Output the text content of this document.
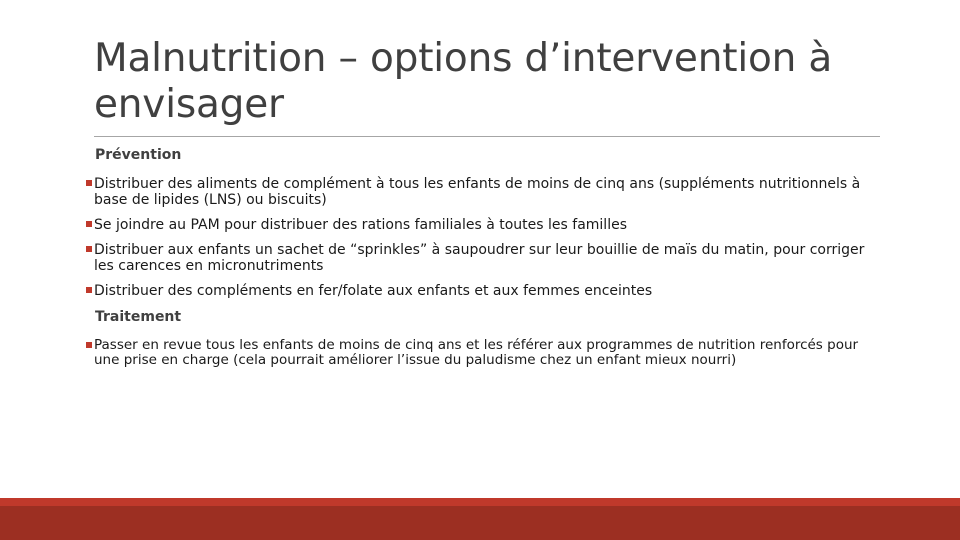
Malnutrition – options d’intervention à envisager
Prévention
Distribuer des aliments de complément à tous les enfants de moins de cinq ans (suppléments nutritionnels à base de lipides (LNS) ou biscuits)
Se joindre au PAM pour distribuer des rations familiales à toutes les familles
Distribuer aux enfants un sachet de “sprinkles” à saupoudrer sur leur bouillie de maïs du matin, pour corriger les carences en micronutriments
Distribuer des compléments en fer/folate aux enfants et aux femmes enceintes
Traitement
Passer en revue tous les enfants de moins de cinq ans et les référer aux programmes de nutrition renforcés pour une prise en charge (cela pourrait améliorer l’issue du paludisme chez un enfant mieux nourri)
